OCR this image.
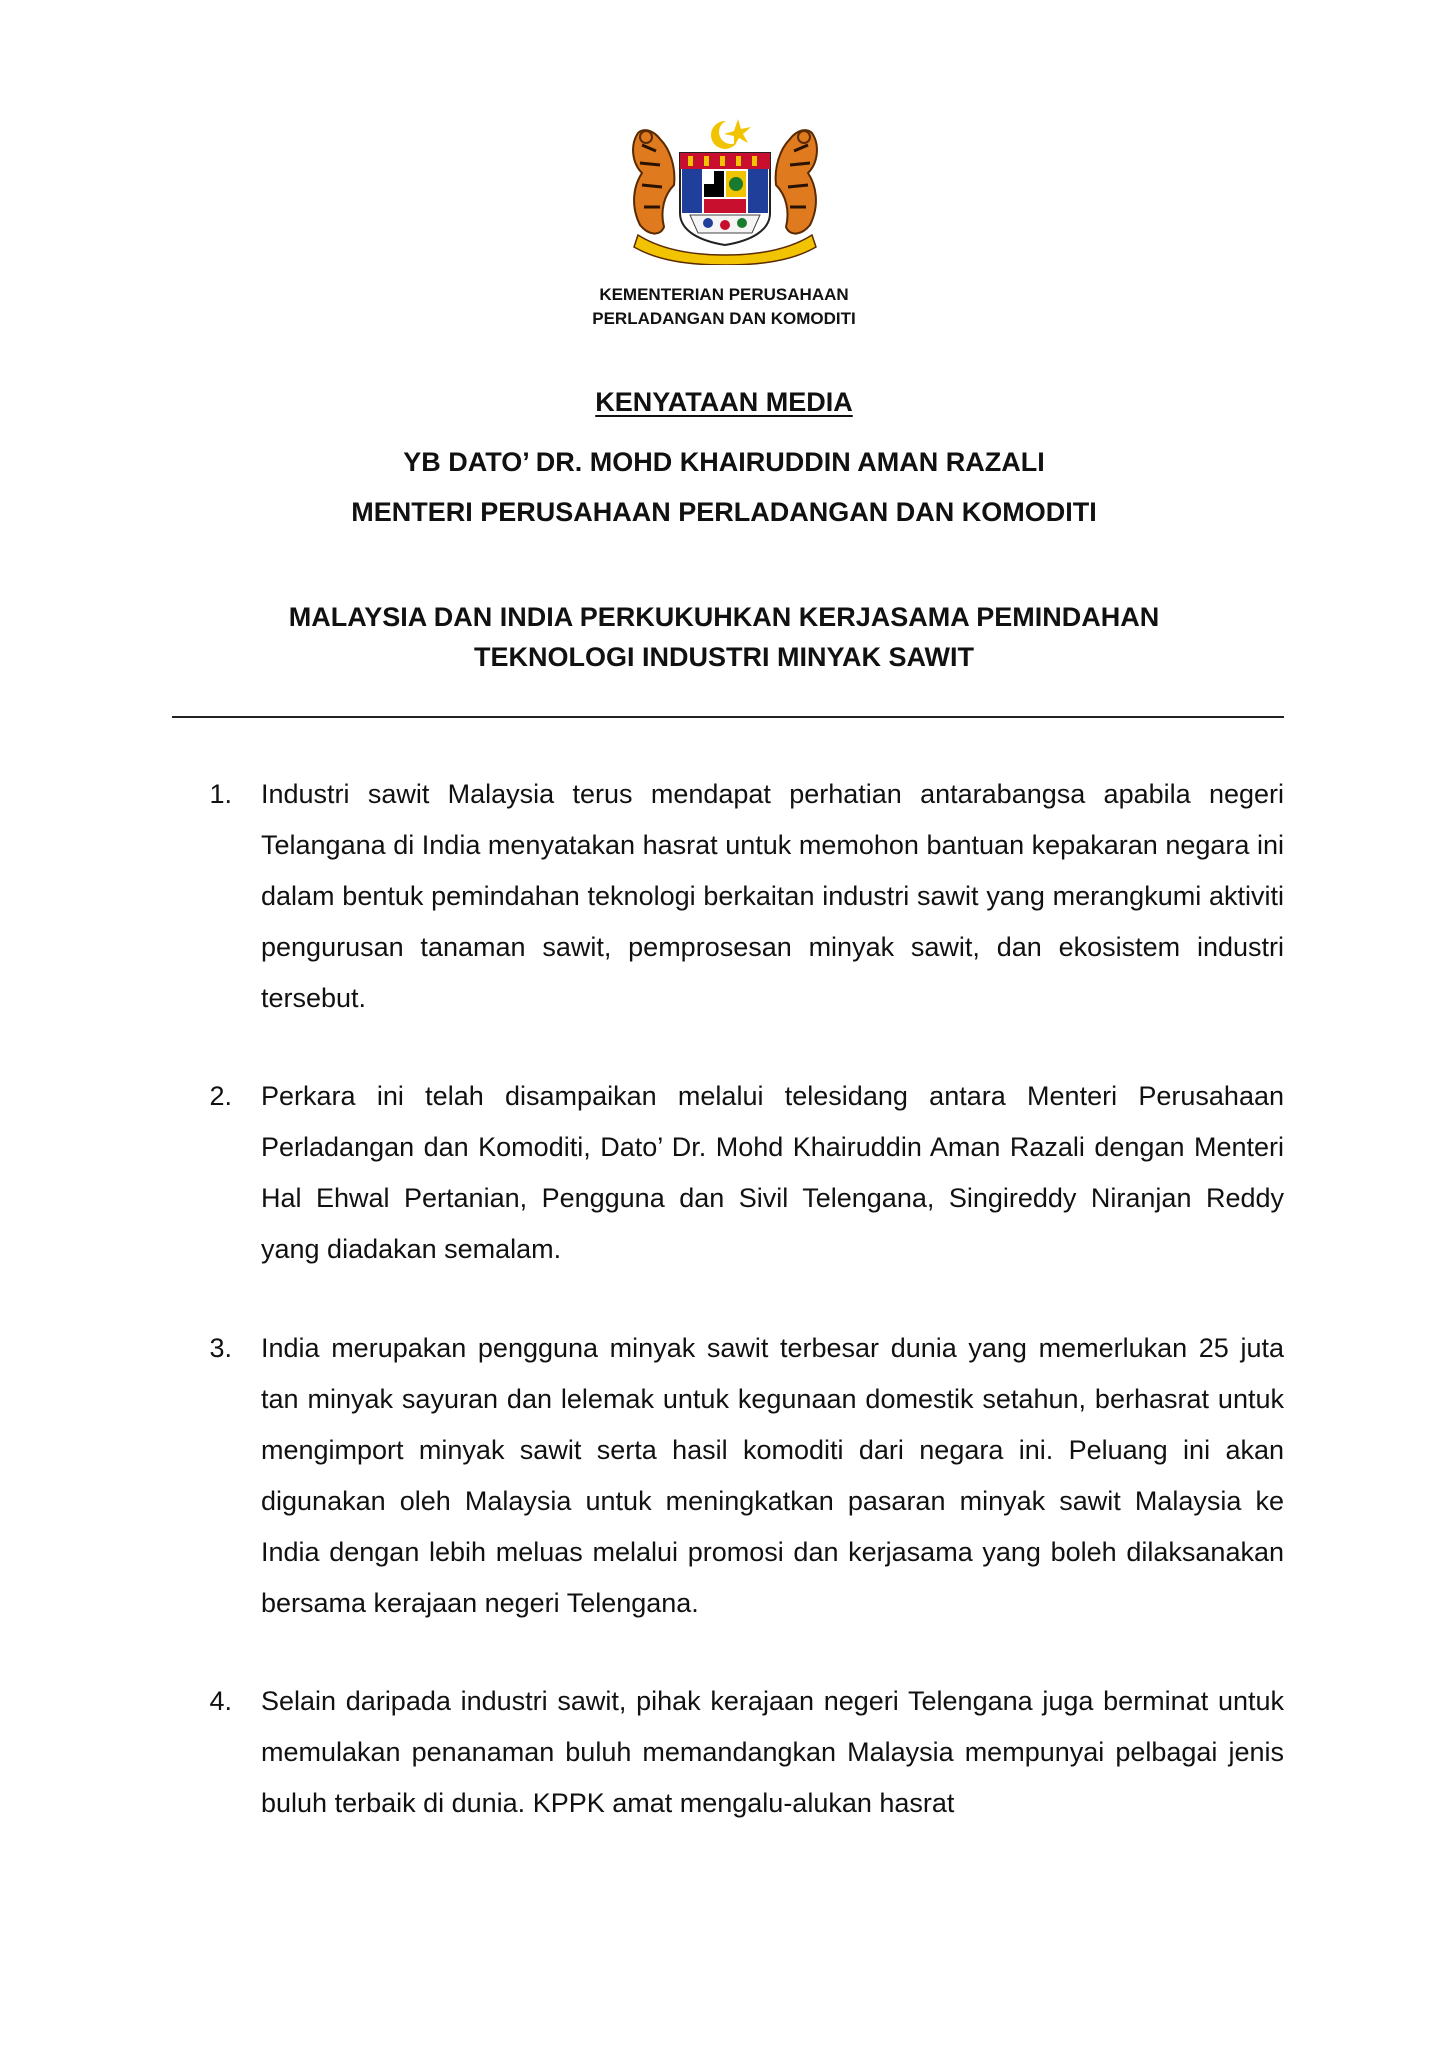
KEMENTERIAN PERUSAHAAN
PERLADANGAN DAN KOMODITI
KENYATAAN MEDIA
YB DATO’ DR. MOHD KHAIRUDDIN AMAN RAZALI
MENTERI PERUSAHAAN PERLADANGAN DAN KOMODITI
MALAYSIA DAN INDIA PERKUKUHKAN KERJASAMA PEMINDAHAN
TEKNOLOGI INDUSTRI MINYAK SAWIT
1. Industri sawit Malaysia terus mendapat perhatian antarabangsa apabila negeri Telangana di India menyatakan hasrat untuk memohon bantuan kepakaran negara ini dalam bentuk pemindahan teknologi berkaitan industri sawit yang merangkumi aktiviti pengurusan tanaman sawit, pemprosesan minyak sawit, dan ekosistem industri tersebut.
2. Perkara ini telah disampaikan melalui telesidang antara Menteri Perusahaan Perladangan dan Komoditi, Dato’ Dr. Mohd Khairuddin Aman Razali dengan Menteri Hal Ehwal Pertanian, Pengguna dan Sivil Telengana, Singireddy Niranjan Reddy yang diadakan semalam.
3. India merupakan pengguna minyak sawit terbesar dunia yang memerlukan 25 juta tan minyak sayuran dan lelemak untuk kegunaan domestik setahun, berhasrat untuk mengimport minyak sawit serta hasil komoditi dari negara ini. Peluang ini akan digunakan oleh Malaysia untuk meningkatkan pasaran minyak sawit Malaysia ke India dengan lebih meluas melalui promosi dan kerjasama yang boleh dilaksanakan bersama kerajaan negeri Telengana.
4. Selain daripada industri sawit, pihak kerajaan negeri Telengana juga berminat untuk memulakan penanaman buluh memandangkan Malaysia mempunyai pelbagai jenis buluh terbaik di dunia. KPPK amat mengalu-alukan hasrat
